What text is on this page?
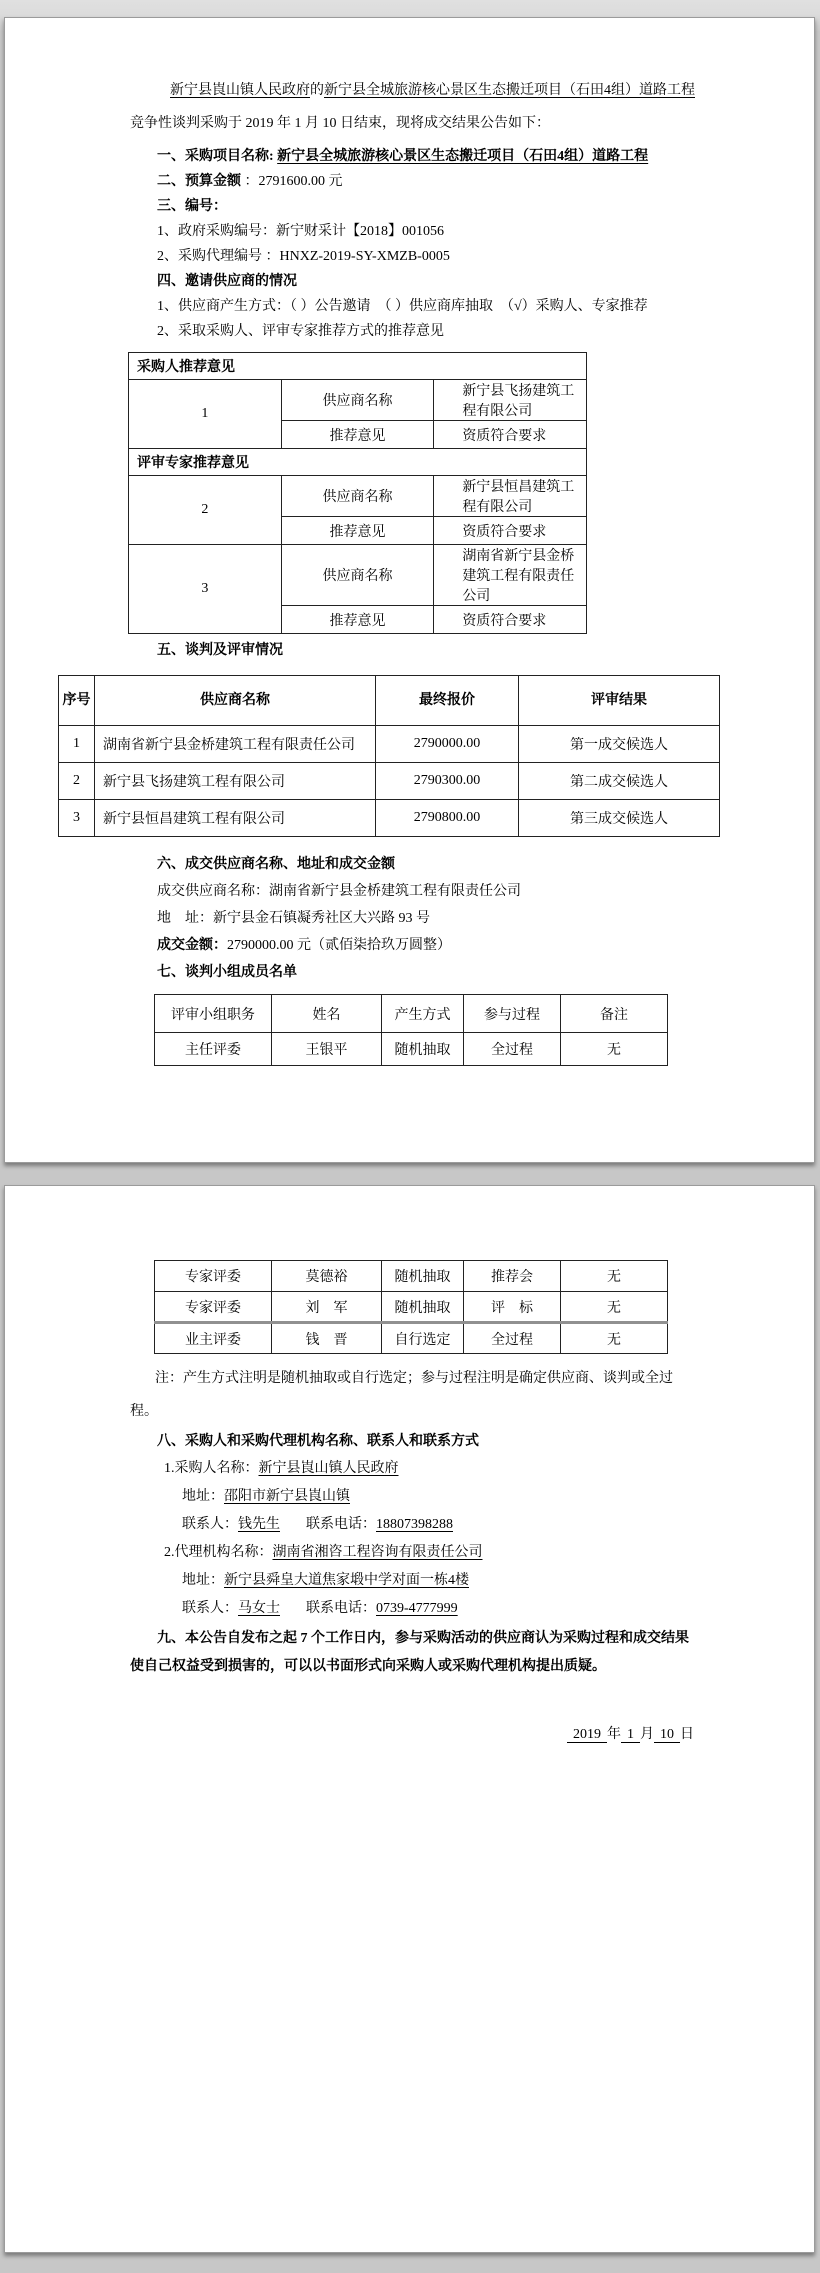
新宁县崀山镇人民政府的新宁县全城旅游核心景区生态搬迁项目（石田4组）道路工程竞争性谈判采购于 2019 年 1 月 10 日结束，现将成交结果公告如下：

一、采购项目名称: 新宁县全城旅游核心景区生态搬迁项目（石田4组）道路工程

二、预算金额 ：2791600.00 元

三、编号：

1、政府采购编号：新宁财采计【2018】001056

2、采购代理编号 ：HNXZ-2019-SY-XMZB-0005

四、邀请供应商的情况

1、供应商产生方式：（ ）公告邀请　（ ）供应商库抽取　（√）采购人、专家推荐

2、采取采购人、评审专家推荐方式的推荐意见

采购人推荐意见		
1	供应商名称	新宁县飞扬建筑工程有限公司
	推荐意见	资质符合要求
评审专家推荐意见		
2	供应商名称	新宁县恒昌建筑工程有限公司
	推荐意见	资质符合要求
3	供应商名称	湖南省新宁县金桥建筑工程有限责任公司
	推荐意见	资质符合要求

五、谈判及评审情况

序号	供应商名称	最终报价	评审结果
1	湖南省新宁县金桥建筑工程有限责任公司	2790000.00	第一成交候选人
2	新宁县飞扬建筑工程有限公司	2790300.00	第二成交候选人
3	新宁县恒昌建筑工程有限公司	2790800.00	第三成交候选人

六、成交供应商名称、地址和成交金额

成交供应商名称：湖南省新宁县金桥建筑工程有限责任公司

地　址：新宁县金石镇凝秀社区大兴路 93 号

成交金额：2790000.00 元（贰佰柒拾玖万圆整）

七、谈判小组成员名单

评审小组职务	姓名	产生方式	参与过程	备注
主任评委	王银平	随机抽取	全过程	无
专家评委	莫德裕	随机抽取	推荐会	无
专家评委	刘　军	随机抽取	评　标	无
业主评委	钱　晋	自行选定	全过程	无

注：产生方式注明是随机抽取或自行选定；参与过程注明是确定供应商、谈判或全过程。

八、采购人和采购代理机构名称、联系人和联系方式

1.采购人名称：新宁县崀山镇人民政府

地址：邵阳市新宁县崀山镇

联系人：钱先生 联系电话：18807398288

2.代理机构名称：湖南省湘咨工程咨询有限责任公司

地址：新宁县舜皇大道焦家塅中学对面一栋4楼

联系人：马女士 联系电话：0739-4777999

九、本公告自发布之起 7 个工作日内，参与采购活动的供应商认为采购过程和成交结果使自己权益受到损害的，可以以书面形式向采购人或采购代理机构提出质疑。

2019 年 1 月 10 日
